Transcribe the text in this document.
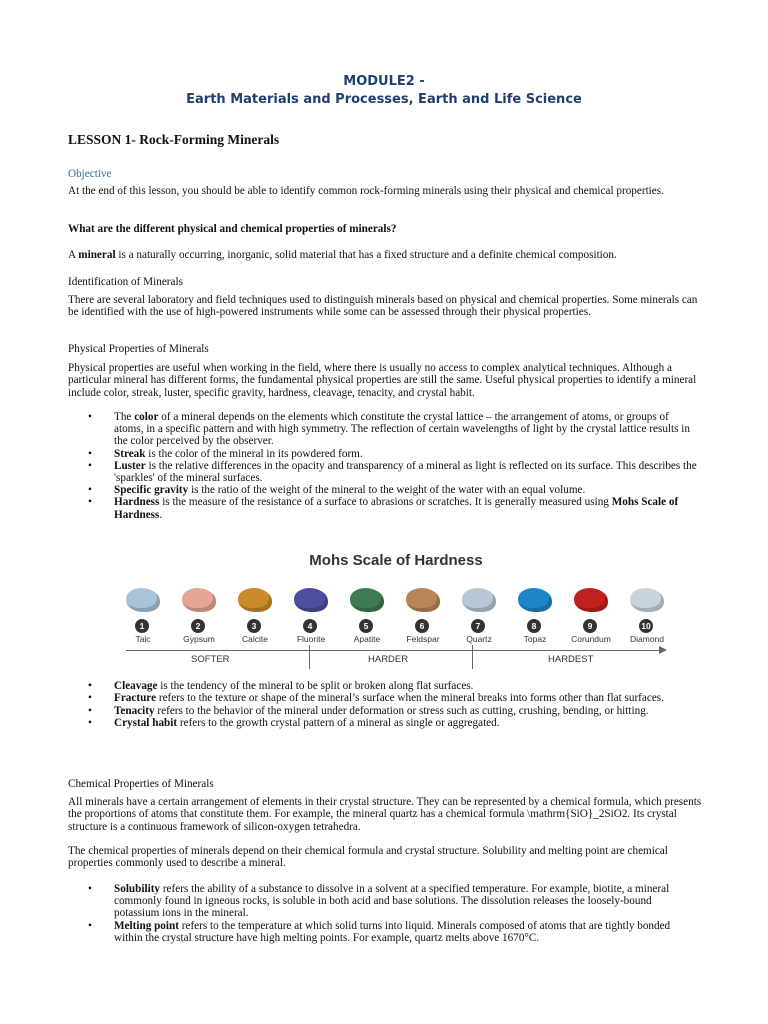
MODULE2 -
Earth Materials and Processes, Earth and Life Science
LESSON 1- Rock-Forming Minerals
Objective
At the end of this lesson, you should be able to identify common rock-forming minerals using their physical and chemical properties.
What are the different physical and chemical properties of minerals?
A mineral is a naturally occurring, inorganic, solid material that has a fixed structure and a definite chemical composition.
Identification of Minerals
There are several laboratory and field techniques used to distinguish minerals based on physical and chemical properties. Some minerals can be identified with the use of high-powered instruments while some can be assessed through their physical properties.
Physical Properties of Minerals
Physical properties are useful when working in the field, where there is usually no access to complex analytical techniques. Although a particular mineral has different forms, the fundamental physical properties are still the same. Useful physical properties to identify a mineral include color, streak, luster, specific gravity, hardness, cleavage, tenacity, and crystal habit.
• The color of a mineral depends on the elements which constitute the crystal lattice – the arrangement of atoms, or groups of atoms, in a specific pattern and with high symmetry. The reflection of certain wavelengths of light by the crystal lattice results in the color perceived by the observer.
• Streak is the color of the mineral in its powdered form.
• Luster is the relative differences in the opacity and transparency of a mineral as light is reflected on its surface. This describes the 'sparkles' of the mineral surfaces.
• Specific gravity is the ratio of the weight of the mineral to the weight of the water with an equal volume.
• Hardness is the measure of the resistance of a surface to abrasions or scratches. It is generally measured using Mohs Scale of Hardness.
Mohs Scale of Hardness
1
Talc
2
Gypsum
3
Calcite
4
Fluorite
5
Apatite
6
Feldspar
7
Quartz
8
Topaz
9
Corundum
10
Diamond
SOFTER	HARDER	HARDEST
•
• Cleavage is the tendency of the mineral to be split or broken along flat surfaces.
• Fracture refers to the texture or shape of the mineral’s surface when the mineral breaks into forms other than flat surfaces.
• Tenacity refers to the behavior of the mineral under deformation or stress such as cutting, crushing, bending, or hitting.
• Crystal habit refers to the growth crystal pattern of a mineral as single or aggregated.
Chemical Properties of Minerals
All minerals have a certain arrangement of elements in their crystal structure. They can be represented by a chemical formula, which presents the proportions of atoms that constitute them. For example, the mineral quartz has a chemical formula \mathrm{SiO}_2SiO2. Its crystal structure is a continuous framework of silicon-oxygen tetrahedra.
The chemical properties of minerals depend on their chemical formula and crystal structure. Solubility and melting point are chemical properties commonly used to describe a mineral.
• Solubility refers the ability of a substance to dissolve in a solvent at a specified temperature. For example, biotite, a mineral commonly found in igneous rocks, is soluble in both acid and base solutions. The dissolution releases the loosely-bound potassium ions in the mineral.
• Melting point refers to the temperature at which solid turns into liquid. Minerals composed of atoms that are tightly bonded within the crystal structure have high melting points. For example, quartz melts above 1670°C.
